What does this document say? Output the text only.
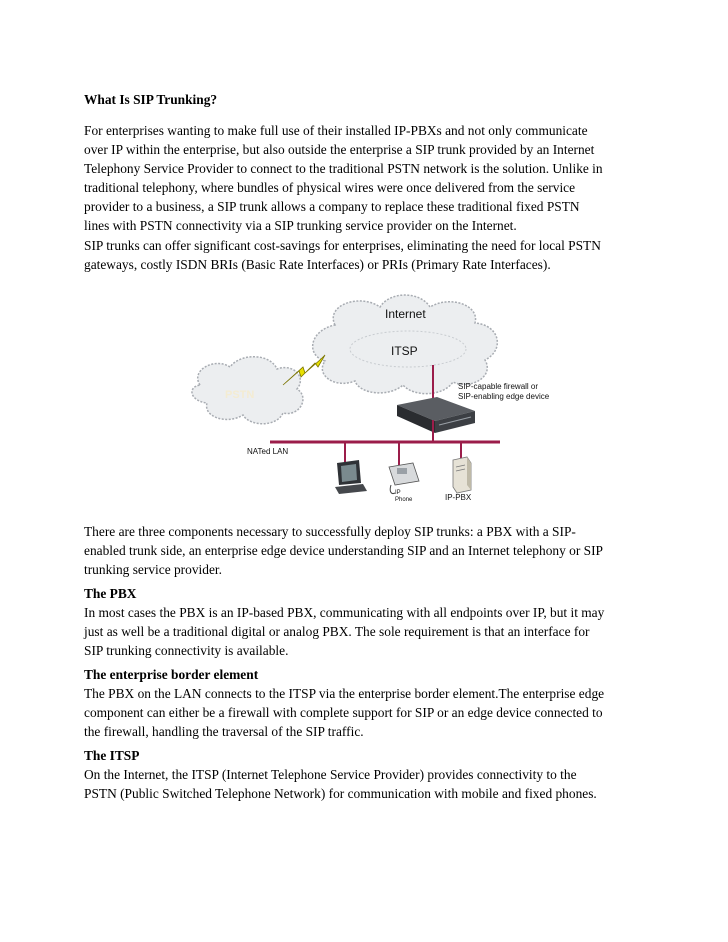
What Is SIP Trunking?

For enterprises wanting to make full use of their installed IP-PBXs and not only communicate
over IP within the enterprise, but also outside the enterprise a SIP trunk provided by an Internet
Telephony Service Provider to connect to the traditional PSTN network is the solution. Unlike in
traditional telephony, where bundles of physical wires were once delivered from the service
provider to a business, a SIP trunk allows a company to replace these traditional fixed PSTN
lines with PSTN connectivity via a SIP trunking service provider on the Internet.

SIP trunks can offer significant cost-savings for enterprises, eliminating the need for local PSTN
gateways, costly ISDN BRIs (Basic Rate Interfaces) or PRIs (Primary Rate Interfaces).

Internet
ITSP
PSTN
SIP-capable firewall or
SIP-enabling edge device
NATed LAN
IP
Phone	IP-PBX

There are three components necessary to successfully deploy SIP trunks: a PBX with a SIP-
enabled trunk side, an enterprise edge device understanding SIP and an Internet telephony or SIP
trunking service provider.

The PBX
In most cases the PBX is an IP-based PBX, communicating with all endpoints over IP, but it may
just as well be a traditional digital or analog PBX. The sole requirement is that an interface for
SIP trunking connectivity is available.

The enterprise border element
The PBX on the LAN connects to the ITSP via the enterprise border element.The enterprise edge
component can either be a firewall with complete support for SIP or an edge device connected to
the firewall, handling the traversal of the SIP traffic.

The ITSP
On the Internet, the ITSP (Internet Telephone Service Provider) provides connectivity to the
PSTN (Public Switched Telephone Network) for communication with mobile and fixed phones.
